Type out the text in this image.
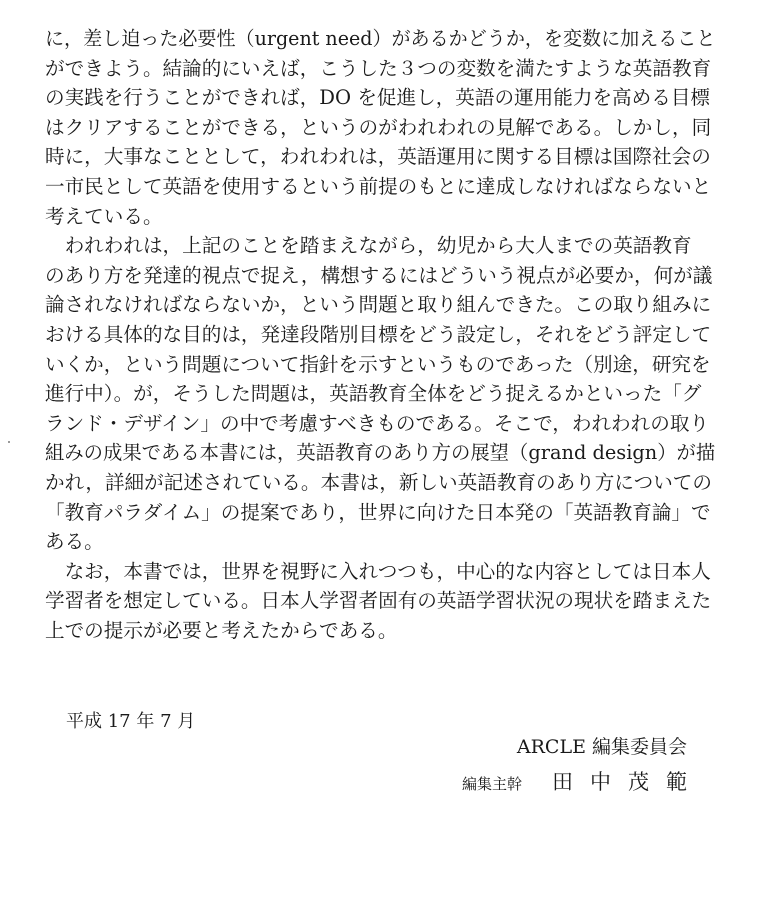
に，差し迫った必要性（urgent need）があるかどうか，を変数に加えること
ができよう。結論的にいえば，こうした３つの変数を満たすような英語教育
の実践を行うことができれば，DO を促進し，英語の運用能力を高める目標
はクリアすることができる，というのがわれわれの見解である。しかし，同
時に，大事なこととして，われわれは，英語運用に関する目標は国際社会の
一市民として英語を使用するという前提のもとに達成しなければならないと
考えている。
　われわれは，上記のことを踏まえながら，幼児から大人までの英語教育
のあり方を発達的視点で捉え，構想するにはどういう視点が必要か，何が議
論されなければならないか，という問題と取り組んできた。この取り組みに
おける具体的な目的は，発達段階別目標をどう設定し，それをどう評定して
いくか，という問題について指針を示すというものであった（別途，研究を
進行中）。が，そうした問題は，英語教育全体をどう捉えるかといった「グ
ランド・デザイン」の中で考慮すべきものである。そこで，われわれの取り
組みの成果である本書には，英語教育のあり方の展望（grand design）が描
かれ，詳細が記述されている。本書は，新しい英語教育のあり方についての
「教育パラダイム」の提案であり，世界に向けた日本発の「英語教育論」で
ある。
　なお，本書では，世界を視野に入れつつも，中心的な内容としては日本人
学習者を想定している。日本人学習者固有の英語学習状況の現状を踏まえた
上での提示が必要と考えたからである。
平成 17 年 7 月
ARCLE 編集委員会
編集主幹 田中茂範
